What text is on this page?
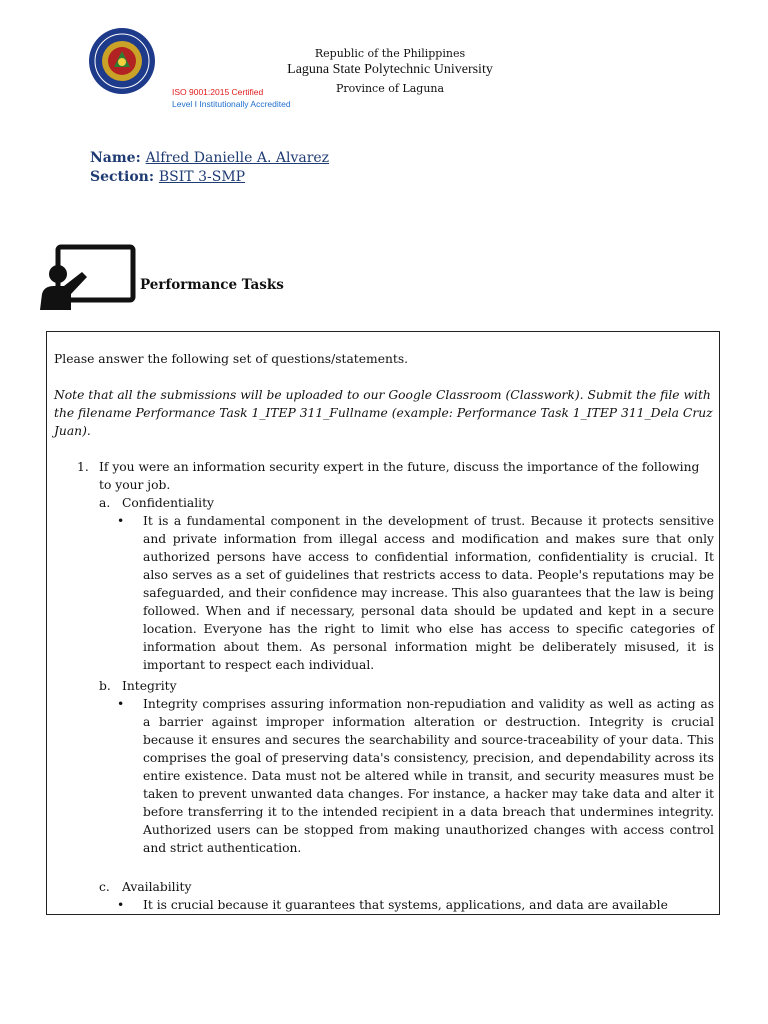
ISO 9001:2015 Certified
Level I Institutionally Accredited
Republic of the Philippines
Laguna State Polytechnic University
Province of Laguna
Name: Alfred Danielle A. Alvarez
Section: BSIT 3-SMP
Performance Tasks
Please answer the following set of questions/statements.
Note that all the submissions will be uploaded to our Google Classroom (Classwork). Submit the file with the filename Performance Task 1_ITEP 311_Fullname (example: Performance Task 1_ITEP 311_Dela Cruz Juan).
1. If you were an information security expert in the future, discuss the importance of the following to your job.
a. Confidentiality
• It is a fundamental component in the development of trust. Because it protects sensitive and private information from illegal access and modification and makes sure that only authorized persons have access to confidential information, confidentiality is crucial. It also serves as a set of guidelines that restricts access to data. People's reputations may be safeguarded, and their confidence may increase. This also guarantees that the law is being followed. When and if necessary, personal data should be updated and kept in a secure location. Everyone has the right to limit who else has access to specific categories of information about them. As personal information might be deliberately misused, it is important to respect each individual.
b. Integrity
• Integrity comprises assuring information non-repudiation and validity as well as acting as a barrier against improper information alteration or destruction. Integrity is crucial because it ensures and secures the searchability and source-traceability of your data. This comprises the goal of preserving data's consistency, precision, and dependability across its entire existence. Data must not be altered while in transit, and security measures must be taken to prevent unwanted data changes. For instance, a hacker may take data and alter it before transferring it to the intended recipient in a data breach that undermines integrity. Authorized users can be stopped from making unauthorized changes with access control and strict authentication.
c. Availability
• It is crucial because it guarantees that systems, applications, and data are available
